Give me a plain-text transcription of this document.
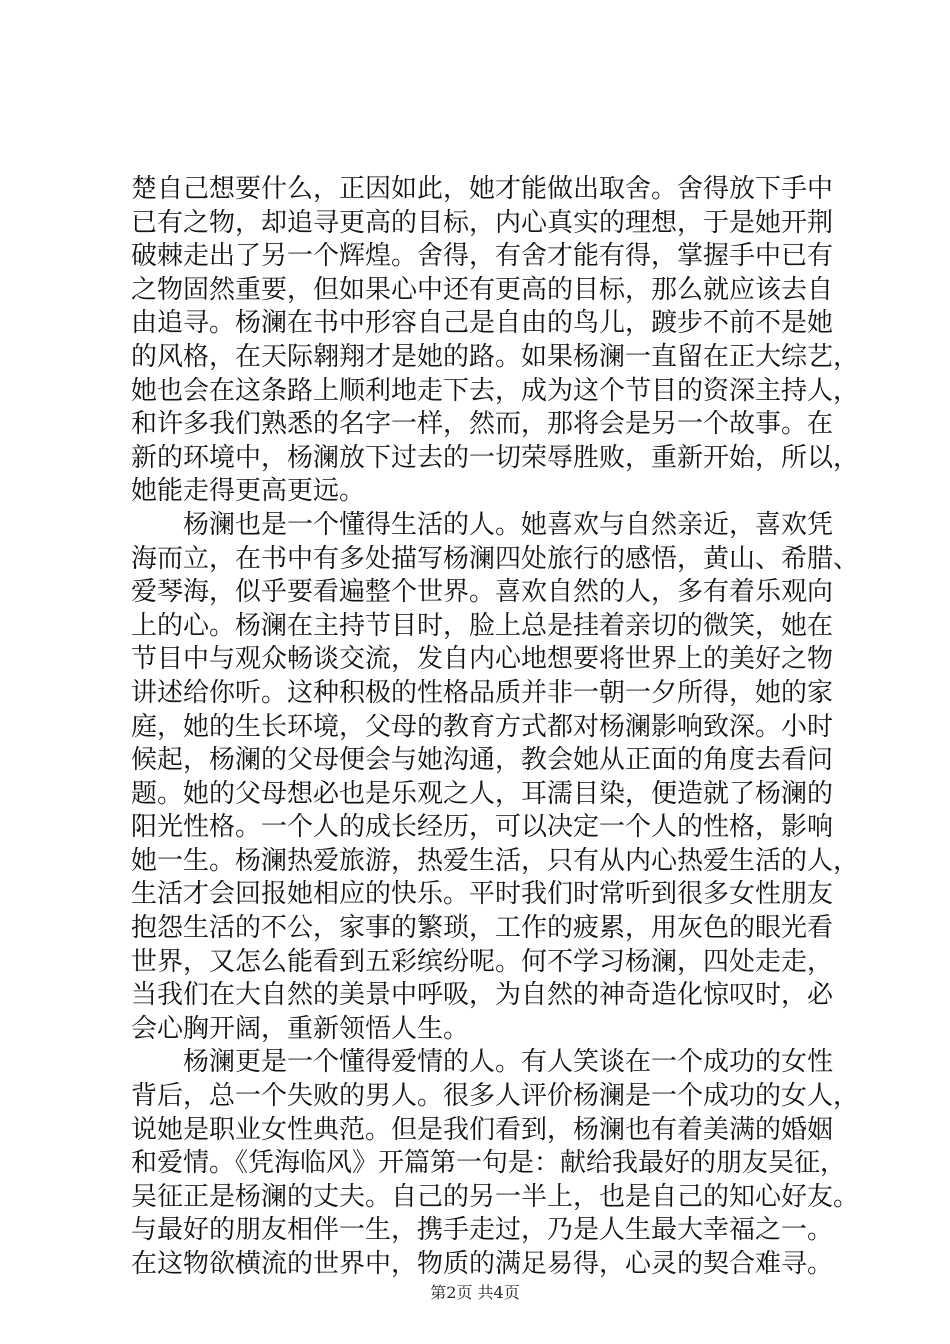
楚自己想要什么，正因如此，她才能做出取舍。舍得放下手中
已有之物，却追寻更高的目标，内心真实的理想，于是她开荆
破棘走出了另一个辉煌。舍得，有舍才能有得，掌握手中已有
之物固然重要，但如果心中还有更高的目标，那么就应该去自
由追寻。杨澜在书中形容自己是自由的鸟儿，踱步不前不是她
的风格，在天际翱翔才是她的路。如果杨澜一直留在正大综艺，
她也会在这条路上顺利地走下去，成为这个节目的资深主持人，
和许多我们熟悉的名字一样，然而，那将会是另一个故事。在
新的环境中，杨澜放下过去的一切荣辱胜败，重新开始，所以，
她能走得更高更远。
杨澜也是一个懂得生活的人。她喜欢与自然亲近，喜欢凭
海而立，在书中有多处描写杨澜四处旅行的感悟，黄山、希腊、
爱琴海，似乎要看遍整个世界。喜欢自然的人，多有着乐观向
上的心。杨澜在主持节目时，脸上总是挂着亲切的微笑，她在
节目中与观众畅谈交流，发自内心地想要将世界上的美好之物
讲述给你听。这种积极的性格品质并非一朝一夕所得，她的家
庭，她的生长环境，父母的教育方式都对杨澜影响致深。小时
候起，杨澜的父母便会与她沟通，教会她从正面的角度去看问
题。她的父母想必也是乐观之人，耳濡目染，便造就了杨澜的
阳光性格。一个人的成长经历，可以决定一个人的性格，影响
她一生。杨澜热爱旅游，热爱生活，只有从内心热爱生活的人，
生活才会回报她相应的快乐。平时我们时常听到很多女性朋友
抱怨生活的不公，家事的繁琐，工作的疲累，用灰色的眼光看
世界，又怎么能看到五彩缤纷呢。何不学习杨澜，四处走走，
当我们在大自然的美景中呼吸，为自然的神奇造化惊叹时，必
会心胸开阔，重新领悟人生。
杨澜更是一个懂得爱情的人。有人笑谈在一个成功的女性
背后，总一个失败的男人。很多人评价杨澜是一个成功的女人，
说她是职业女性典范。但是我们看到，杨澜也有着美满的婚姻
和爱情。《凭海临风》开篇第一句是：献给我最好的朋友吴征，
吴征正是杨澜的丈夫。自己的另一半上，也是自己的知心好友。
与最好的朋友相伴一生，携手走过，乃是人生最大幸福之一。
在这物欲横流的世界中，物质的满足易得，心灵的契合难寻。
第2页 共4页
